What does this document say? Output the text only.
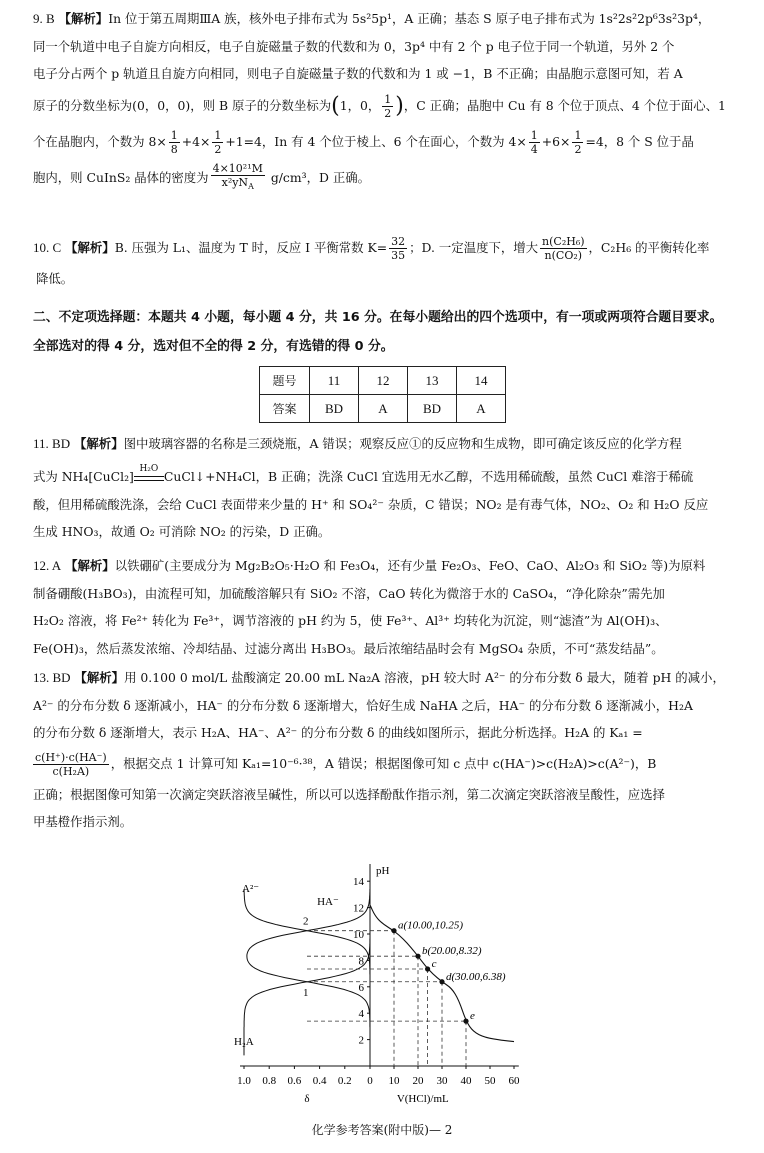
9. B 【解析】In 位于第五周期ⅢA 族，核外电子排布式为 5s²5p¹，A 正确；基态 S 原子电子排布式为 1s²2s²2p⁶3s²3p⁴，
同一个轨道中电子自旋方向相反，电子自旋磁量子数的代数和为 0，3p⁴ 中有 2 个 p 电子位于同一个轨道，另外 2 个
电子分占两个 p 轨道且自旋方向相同，则电子自旋磁量子数的代数和为 1 或 −1，B 不正确；由晶胞示意图可知，若 A
原子的分数坐标为(0，0，0)，则 B 原子的分数坐标为(1，0， $\frac{1}{2}$ )，C 正确；晶胞中 Cu 有 8 个位于顶点、4 个位于面心、1
个在晶胞内，个数为 $8\times \frac{1}{8} +4\times \frac{1}{2} +1=4$，In 有 4 个位于棱上、6 个在面心，个数为 $4\times \frac{1}{4} +6\times \frac{1}{2} =4$，8 个 S 位于晶
胞内，则 CuInS₂ 晶体的密度为 $\frac{\text{4×10²¹M}}{x^2yN_A} g/cm^3$，D 正确。
10. C 【解析】B. 压强为 L₁、温度为 T 时，反应 Ⅰ 平衡常数 $K= \frac{32}{35}$ ；D. 一定温度下，增大 $\frac{\text{n(C₂H₆)}}{\text{n(CO₂)}}$ ，C₂H₆ 的平衡转化率
降低。
二、不定项选择题：本题共 4 小题，每小题 4 分，共 16 分。在每小题给出的四个选项中，有一项或两项符合题目要求。
全部选对的得 4 分，选对但不全的得 2 分，有选错的得 0 分。
题号	11	12	13	14
答案	BD	A	BD	A
11. BD 【解析】图中玻璃容器的名称是三颈烧瓶，A 错误；观察反应①的反应物和生成物，即可确定该反应的化学方程
式为 NH₄[CuCl₂] H₂O CuCl↓+NH₄Cl，B 正确；洗涤 CuCl 宜选用无水乙醇，不选用稀硫酸，虽然 CuCl 难溶于稀硫
酸，但用稀硫酸洗涤，会给 CuCl 表面带来少量的 H⁺ 和 SO₄²⁻ 杂质，C 错误；NO₂ 是有毒气体，NO₂、O₂ 和 H₂O 反应
生成 HNO₃，故通 O₂ 可消除 NO₂ 的污染，D 正确。
12. A 【解析】以铁硼矿(主要成分为 Mg₂B₂O₅·H₂O 和 Fe₃O₄，还有少量 Fe₂O₃、FeO、CaO、Al₂O₃ 和 SiO₂ 等)为原料
制备硼酸(H₃BO₃)，由流程可知，加硫酸溶解只有 SiO₂ 不溶，CaO 转化为微溶于水的 CaSO₄，“净化除杂”需先加
H₂O₂ 溶液，将 Fe²⁺ 转化为 Fe³⁺，调节溶液的 pH 约为 5，使 Fe³⁺、Al³⁺ 均转化为沉淀，则“滤渣”为 Al(OH)₃、
Fe(OH)₃，然后蒸发浓缩、冷却结晶、过滤分离出 H₃BO₃。最后浓缩结晶时会有 MgSO₄ 杂质，不可“蒸发结晶”。
13. BD 【解析】用 0.100 0 mol/L 盐酸滴定 20.00 mL Na₂A 溶液，pH 较大时 A²⁻ 的分布分数 δ 最大，随着 pH 的减小，
A²⁻ 的分布分数 δ 逐渐减小，HA⁻ 的分布分数 δ 逐渐增大，恰好生成 NaHA 之后，HA⁻ 的分布分数 δ 逐渐减小，H₂A
的分布分数 δ 逐渐增大，表示 H₂A、HA⁻、A²⁻ 的分布分数 δ 的曲线如图所示，据此分析选择。H₂A 的 Kₐ₁ =
$\frac{c(H^+)\cdot c(HA^-)}{\text{c(H₂A)}}$ ，根据交点 1 计算可知 Kₐ₁=10⁻⁶·³⁸，A 错误；根据图像可知 c 点中 c(HA⁻)>c(H₂A)>c(A²⁻)，B
正确；根据图像可知第一次滴定突跃溶液呈碱性，所以可以选择酚酞作指示剂，第二次滴定突跃溶液呈酸性，应选择
甲基橙作指示剂。
pH
2
4
6
8
10
12
14
0 10 20 30 40 50 60
1.0 0.8 0.6 0.4 0.2
δ	V(HCl)/mL
A²⁻
HA⁻
H₂A
2
1
a(10.00,10.25)
b(20.00,8.32)
c
d(30.00,6.38)
e
化学参考答案(附中版)— 2
